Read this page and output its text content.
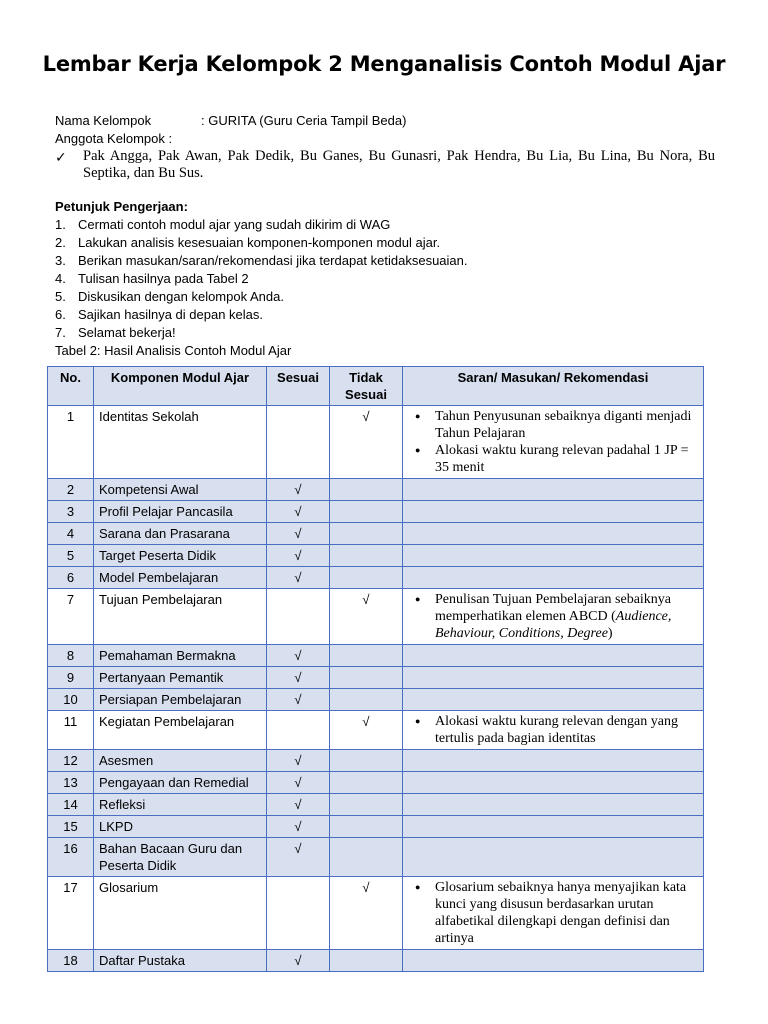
Lembar Kerja Kelompok 2 Menganalisis Contoh Modul Ajar
Nama Kelompok	: GURITA (Guru Ceria Tampil Beda)
Anggota Kelompok :
✓	Pak Angga, Pak Awan, Pak Dedik, Bu Ganes, Bu Gunasri, Pak Hendra, Bu Lia, Bu Lina, Bu Nora, Bu Septika, dan Bu Sus.
Petunjuk Pengerjaan:
1. Cermati contoh modul ajar yang sudah dikirim di WAG
2. Lakukan analisis kesesuaian komponen-komponen modul ajar.
3. Berikan masukan/saran/rekomendasi jika terdapat ketidaksesuaian.
4. Tulisan hasilnya pada Tabel 2
5. Diskusikan dengan kelompok Anda.
6. Sajikan hasilnya di depan kelas.
7. Selamat bekerja!
Tabel 2: Hasil Analisis Contoh Modul Ajar
No.	Komponen Modul Ajar	Sesuai	Tidak Sesuai	Saran/ Masukan/ Rekomendasi
1	Identitas Sekolah		√	● Tahun Penyusunan sebaiknya diganti menjadi Tahun Pelajaran
● Alokasi waktu kurang relevan padahal 1 JP = 35 menit

2	Kompetensi Awal	√		
3	Profil Pelajar Pancasila	√		
4	Sarana dan Prasarana	√		
5	Target Peserta Didik	√		
6	Model Pembelajaran	√		
7	Tujuan Pembelajaran		√	● Penulisan Tujuan Pembelajaran sebaiknya memperhatikan elemen ABCD (Audience, Behaviour, Conditions, Degree)

8	Pemahaman Bermakna	√		
9	Pertanyaan Pemantik	√		
10	Persiapan Pembelajaran	√		
11	Kegiatan Pembelajaran		√	● Alokasi waktu kurang relevan dengan yang tertulis pada bagian identitas

12	Asesmen	√		
13	Pengayaan dan Remedial	√		
14	Refleksi	√		
15	LKPD	√		
16	Bahan Bacaan Guru dan Peserta Didik	√		
17	Glosarium		√	● Glosarium sebaiknya hanya menyajikan kata kunci yang disusun berdasarkan urutan alfabetikal dilengkapi dengan definisi dan artinya

18	Daftar Pustaka	√		
